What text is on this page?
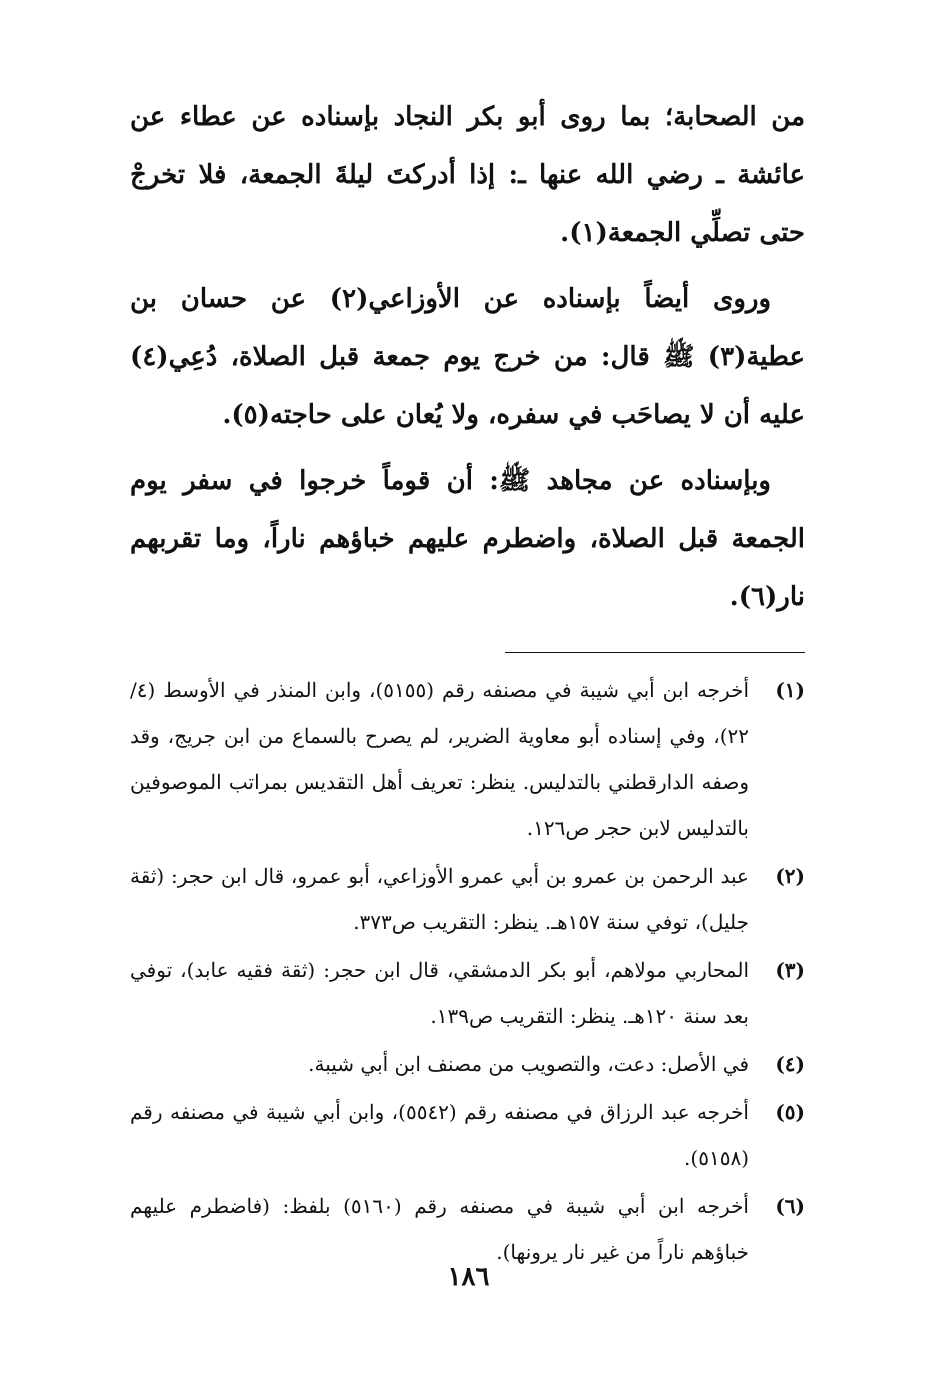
من الصحابة؛ بما روى أبو بكر النجاد بإسناده عن عطاء عن عائشة ـ رضي الله عنها ـ: إذا أدركتَ ليلةَ الجمعة، فلا تخرجْ حتى تصلِّي الجمعة(١).

وروى أيضاً بإسناده عن الأوزاعي(٢) عن حسان بن عطية(٣) ﷺ قال: من خرج يوم جمعة قبل الصلاة، دُعِي(٤) عليه أن لا يصاحَب في سفره، ولا يُعان على حاجته(٥).

وبإسناده عن مجاهد ﷺ: أن قوماً خرجوا في سفر يوم الجمعة قبل الصلاة، واضطرم عليهم خباؤهم ناراً، وما تقربهم نار(٦).

(١)
أخرجه ابن أبي شيبة في مصنفه رقم (٥١٥٥)، وابن المنذر في الأوسط (٤/ ٢٢)، وفي إسناده أبو معاوية الضرير، لم يصرح بالسماع من ابن جريج، وقد وصفه الدارقطني بالتدليس. ينظر: تعريف أهل التقديس بمراتب الموصوفين بالتدليس لابن حجر ص١٢٦.
(٢)
عبد الرحمن بن عمرو بن أبي عمرو الأوزاعي، أبو عمرو، قال ابن حجر: (ثقة جليل)، توفي سنة ١٥٧هـ. ينظر: التقريب ص٣٧٣.
(٣)
المحاربي مولاهم، أبو بكر الدمشقي، قال ابن حجر: (ثقة فقيه عابد)، توفي بعد سنة ١٢٠هـ. ينظر: التقريب ص١٣٩.
(٤)
في الأصل: دعت، والتصويب من مصنف ابن أبي شيبة.
(٥)
أخرجه عبد الرزاق في مصنفه رقم (٥٥٤٢)، وابن أبي شيبة في مصنفه رقم (٥١٥٨).
(٦)
أخرجه ابن أبي شيبة في مصنفه رقم (٥١٦٠) بلفظ: (فاضطرم عليهم خباؤهم ناراً من غير نار يرونها).
١٨٦
